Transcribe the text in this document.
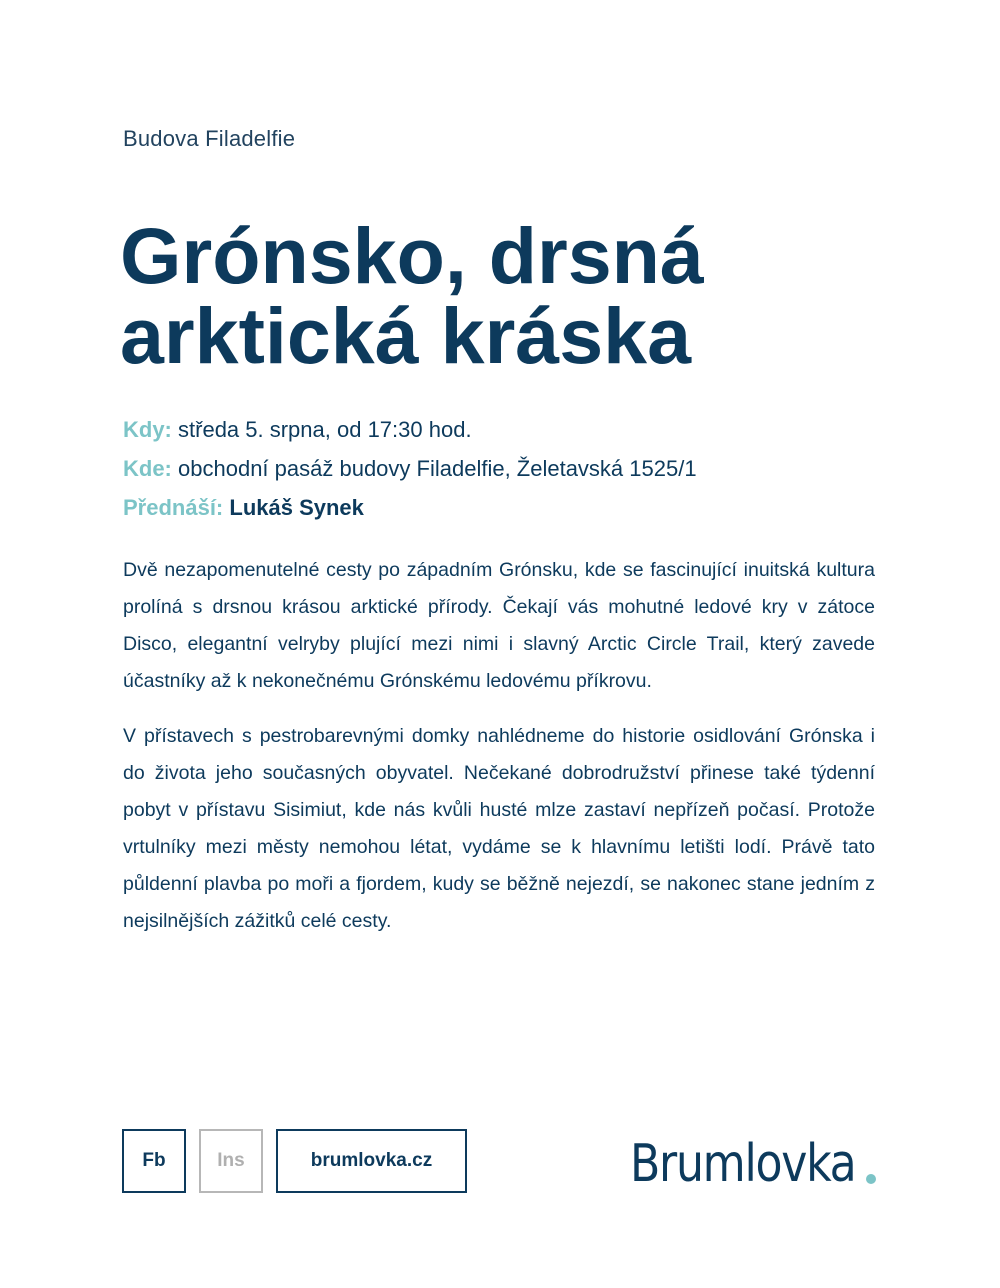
Budova Filadelfie
Grónsko, drsná
arktická kráska
Kdy: středa 5. srpna, od 17:30 hod.
Kde: obchodní pasáž budovy Filadelfie, Želetavská 1525/1
Přednáší: Lukáš Synek

Dvě nezapomenutelné cesty po západním Grónsku, kde se fascinující inuitská kultura prolíná s drsnou krásou arktické přírody. Čekají vás mohutné ledové kry v zátoce Disco, elegantní velryby plující mezi nimi i slavný Arctic Circle Trail, který zavede účastníky až k nekonečnému Grónskému ledovému příkrovu.

V přístavech s pestrobarevnými domky nahlédneme do historie osidlování Grónska i do života jeho současných obyvatel. Nečekané dobrodružství přinese také týdenní pobyt v přístavu Sisimiut, kde nás kvůli husté mlze zastaví nepřízeň počasí. Protože vrtulníky mezi městy nemohou létat, vydáme se k hlavnímu letišti lodí. Právě tato půldenní plavba po moři a fjordem, kudy se běžně nejezdí, se nakonec stane jedním z nejsilnějších zážitků celé cesty.

Fb	Ins	brumlovka.cz	Brumlovka
